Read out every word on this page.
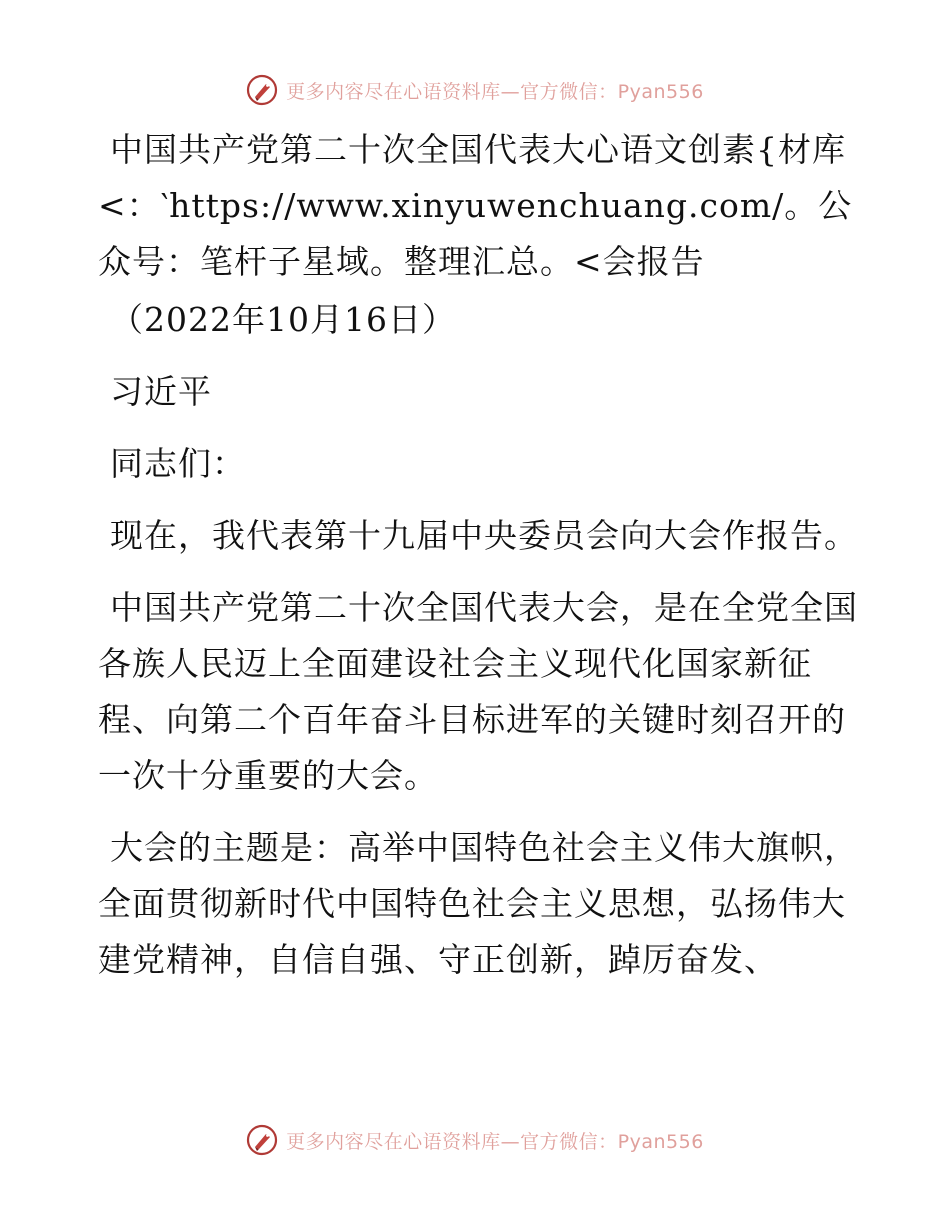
更多内容尽在心语资料库—官方微信：Pyan556

中国共产党第二十次全国代表大心语文创素{材库<：‵https://www.xinyuwenchuang.com/。公众号：笔杆子星域。整理汇总。<会报告

（2022年10月16日）

习近平

同志们：

现在，我代表第十九届中央委员会向大会作报告。

中国共产党第二十次全国代表大会，是在全党全国各族人民迈上全面建设社会主义现代化国家新征程、向第二个百年奋斗目标进军的关键时刻召开的一次十分重要的大会。

大会的主题是：高举中国特色社会主义伟大旗帜，全面贯彻新时代中国特色社会主义思想，弘扬伟大建党精神，自信自强、守正创新，踔厉奋发、

更多内容尽在心语资料库—官方微信：Pyan556
